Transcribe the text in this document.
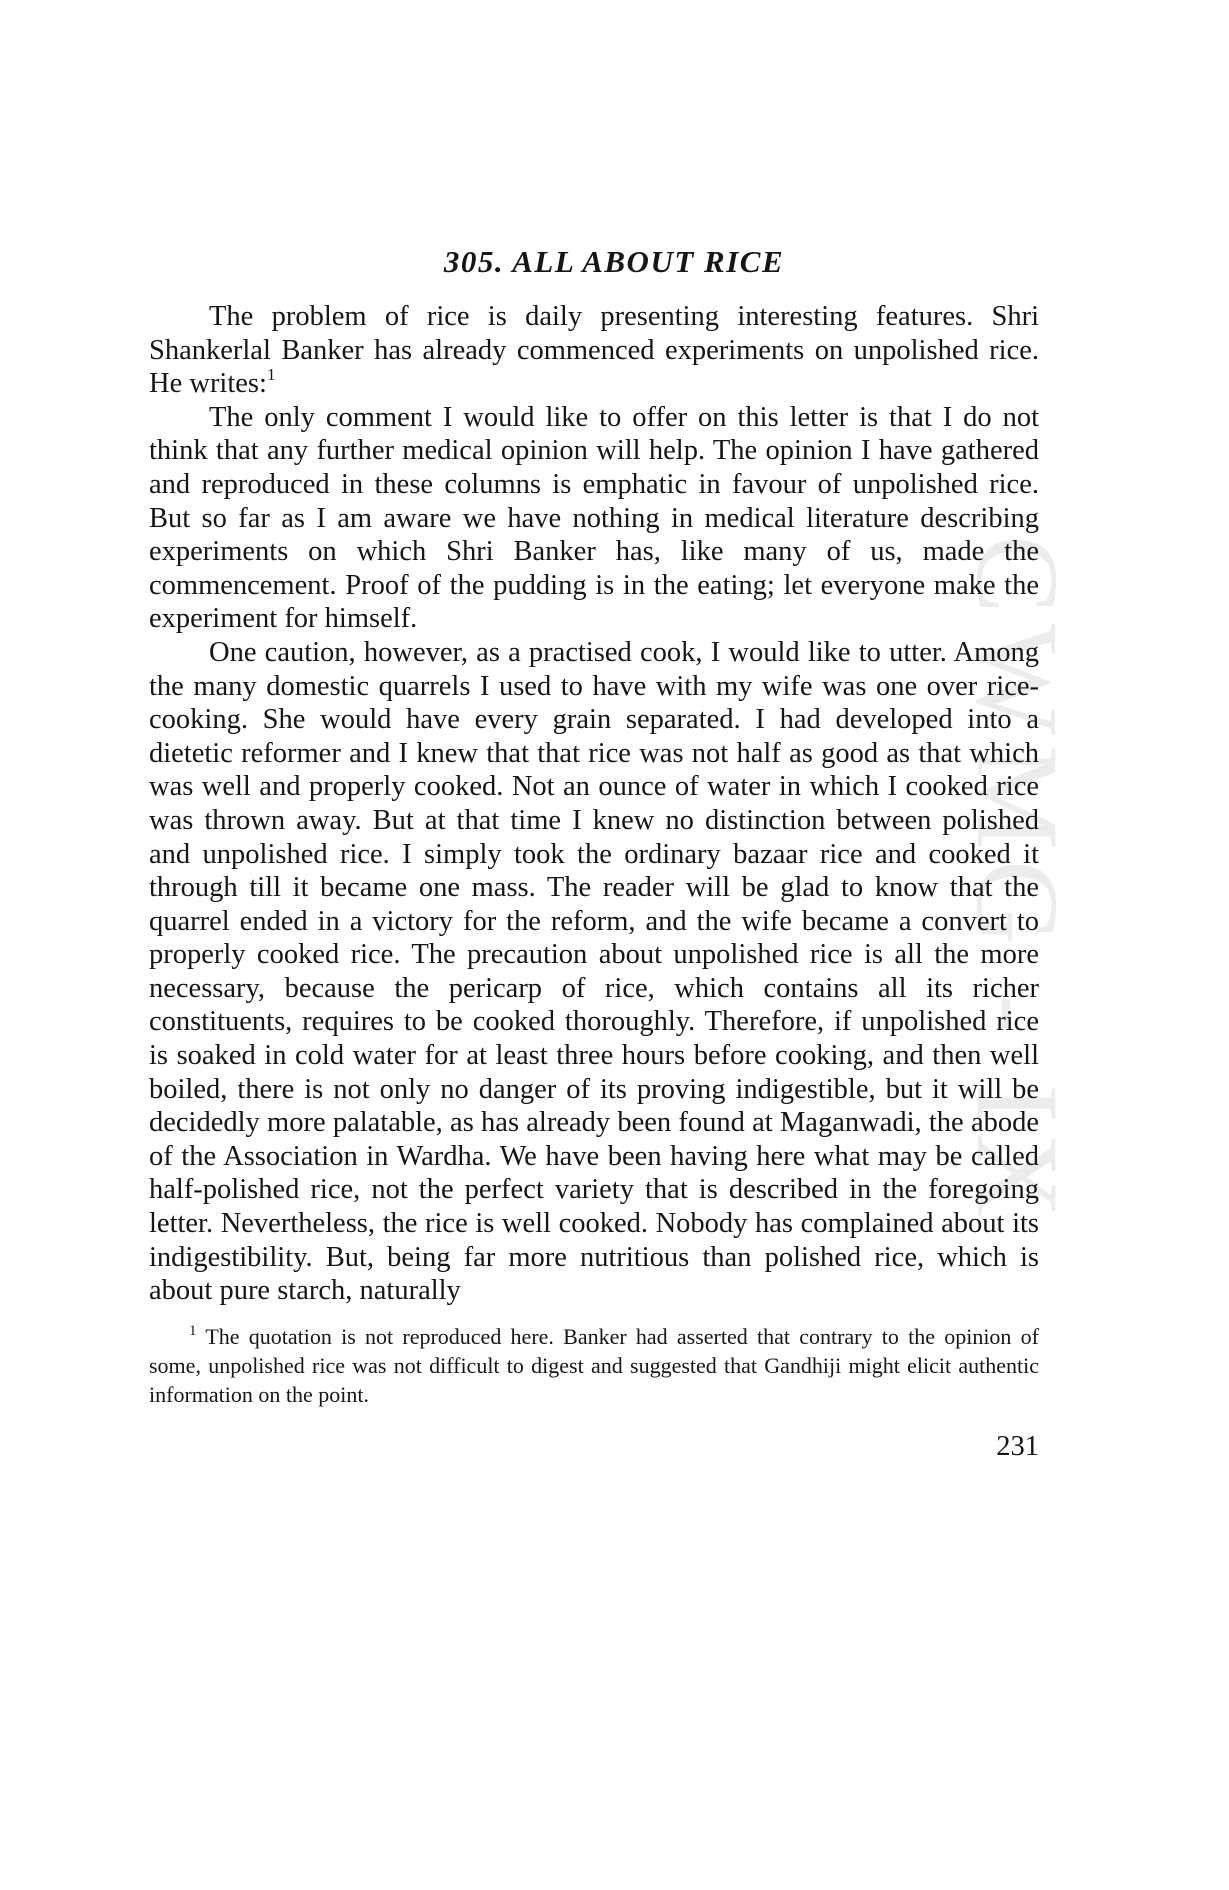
CWMG - IX
305. ALL ABOUT RICE

The problem of rice is daily presenting interesting features. Shri Shankerlal Banker has already commenced experiments on unpolished rice. He writes:$^1$

The only comment I would like to offer on this letter is that I do not think that any further medical opinion will help. The opinion I have gathered and reproduced in these columns is emphatic in favour of unpolished rice. But so far as I am aware we have nothing in medical literature describing experiments on which Shri Banker has, like many of us, made the commencement. Proof of the pudding is in the eating; let everyone make the experiment for himself.

One caution, however, as a practised cook, I would like to utter. Among the many domestic quarrels I used to have with my wife was one over rice-cooking. She would have every grain separated. I had developed into a dietetic reformer and I knew that that rice was not half as good as that which was well and properly cooked. Not an ounce of water in which I cooked rice was thrown away. But at that time I knew no distinction between polished and unpolished rice. I simply took the ordinary bazaar rice and cooked it through till it became one mass. The reader will be glad to know that the quarrel ended in a victory for the reform, and the wife became a convert to properly cooked rice. The precaution about unpolished rice is all the more necessary, because the pericarp of rice, which contains all its richer constituents, requires to be cooked thoroughly. Therefore, if unpolished rice is soaked in cold water for at least three hours before cooking, and then well boiled, there is not only no danger of its proving indigestible, but it will be decidedly more palatable, as has already been found at Maganwadi, the abode of the Association in Wardha. We have been having here what may be called half-polished rice, not the perfect variety that is described in the foregoing letter. Nevertheless, the rice is well cooked. Nobody has complained about its indigestibility. But, being far more nutritious than polished rice, which is about pure starch, naturally

$^1$ The quotation is not reproduced here. Banker had asserted that contrary to the opinion of some, unpolished rice was not difficult to digest and suggested that Gandhiji might elicit authentic information on the point.
231
